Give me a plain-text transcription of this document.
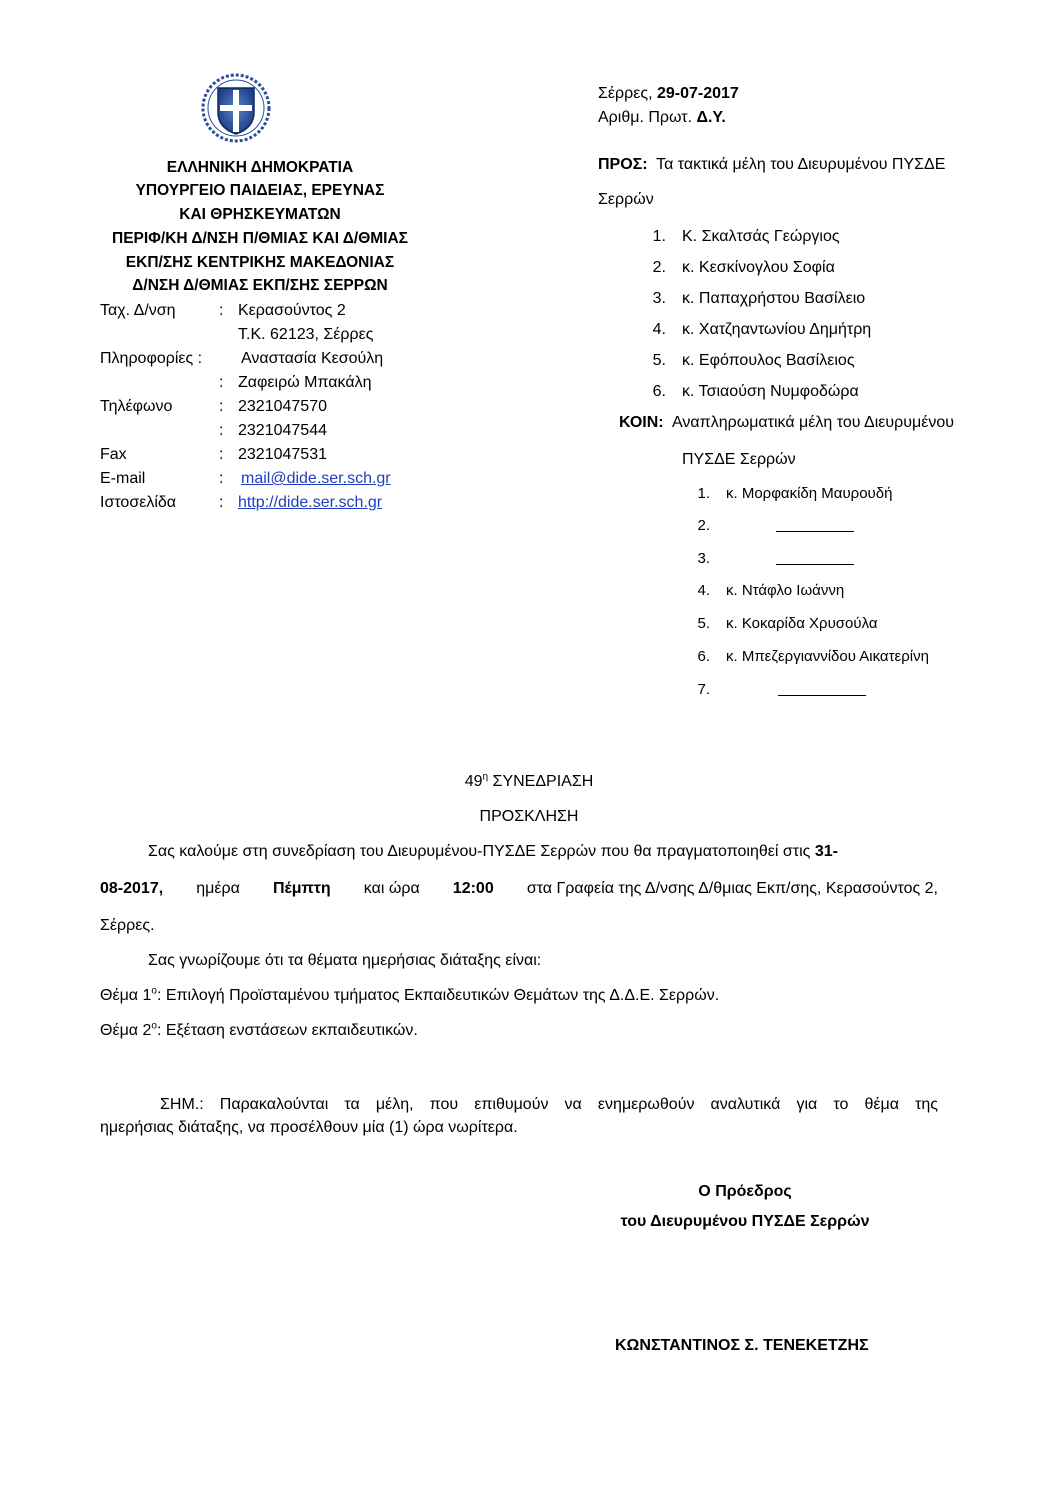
ΕΛΛΗΝΙΚΗ ΔΗΜΟΚΡΑΤΙΑ
ΥΠΟΥΡΓΕΙΟ ΠΑΙΔΕΙΑΣ, ΕΡΕΥΝΑΣ
ΚΑΙ ΘΡΗΣΚΕΥΜΑΤΩΝ
ΠΕΡΙΦ/ΚΗ Δ/ΝΣΗ Π/ΘΜΙΑΣ ΚΑΙ Δ/ΘΜΙΑΣ
ΕΚΠ/ΣΗΣ ΚΕΝΤΡΙΚΗΣ ΜΑΚΕΔΟΝΙΑΣ
Δ/ΝΣΗ Δ/ΘΜΙΑΣ ΕΚΠ/ΣΗΣ ΣΕΡΡΩΝ
Ταχ. Δ/νση	: Κερασούντος 2
Τ.Κ. 62123, Σέρρες
Πληροφορίες : Αναστασία Κεσούλη
: Ζαφειρώ Μπακάλη
Τηλέφωνο	: 2321047570
: 2321047544
Fax	: 2321047531
E-mail	: mail@dide.ser.sch.gr
Ιστοσελίδα	: http://dide.ser.sch.gr
Σέρρες, 29-07-2017
Αριθμ. Πρωτ. Δ.Υ.
ΠΡΟΣ: Τα τακτικά μέλη του Διευρυμένου ΠΥΣΔΕ
Σερρών
1. Κ. Σκαλτσάς Γεώργιος
2. κ. Κεσκίνογλου Σοφία
3. κ. Παπαχρήστου Βασίλειο
4. κ. Χατζηαντωνίου Δημήτρη
5. κ. Εφόπουλος Βασίλειος
6. κ. Τσιαούση Νυμφοδώρα
ΚΟΙΝ: Αναπληρωματικά μέλη του Διευρυμένου
ΠΥΣΔΕ Σερρών
1. κ. Μορφακίδη Μαυρουδή
2.
3.
4. κ. Ντάφλο Ιωάννη
5. κ. Κοκαρίδα Χρυσούλα
6. κ. Μπεζεργιαννίδου Αικατερίνη
7.
$49^\eta$ ΣΥΝΕΔΡΙΑΣΗ
ΠΡΟΣΚΛΗΣΗ
Σας καλούμε στη συνεδρίαση του Διευρυμένου-ΠΥΣΔΕ Σερρών που θα πραγματοποιηθεί στις 31-
08-2017, ημέρα Πέμπτη και ώρα 12:00 στα Γραφεία της Δ/νσης Δ/θμιας Εκπ/σης, Κερασούντος 2,
Σέρρες.
Σας γνωρίζουμε ότι τα θέματα ημερήσιας διάταξης είναι:
Θέμα $1^o$: Επιλογή Προϊσταμένου τμήματος Εκπαιδευτικών Θεμάτων της Δ.Δ.Ε. Σερρών.
Θέμα $2^o$: Εξέταση ενστάσεων εκπαιδευτικών.
ΣΗΜ.: Παρακαλούνται τα μέλη, που επιθυμούν να ενημερωθούν αναλυτικά για το θέμα της
ημερήσιας διάταξης, να προσέλθουν μία (1) ώρα νωρίτερα.
Ο Πρόεδρος
του Διευρυμένου ΠΥΣΔΕ Σερρών
ΚΩΝΣΤΑΝΤΙΝΟΣ Σ. ΤΕΝΕΚΕΤΖΗΣ
